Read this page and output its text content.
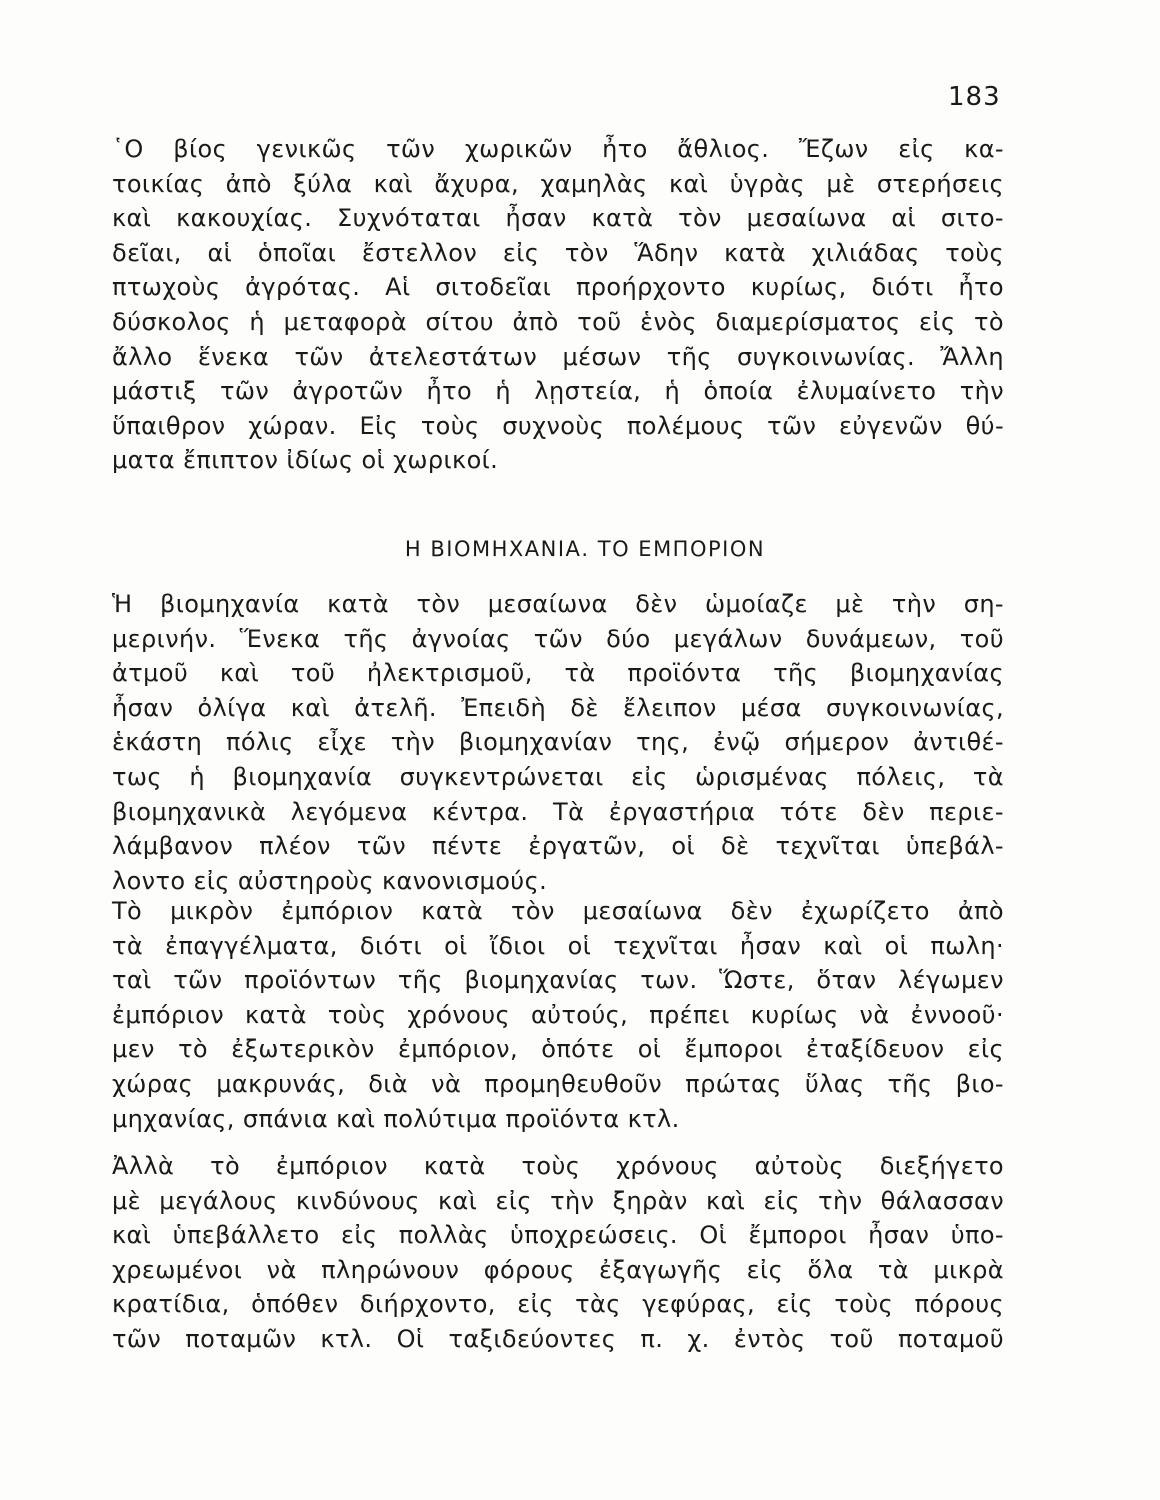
183
῾Ο βίος γενικῶς τῶν χωρικῶν ἦτο ἄθλιος. Ἔζων εἰς κα-
τοικίας ἀπὸ ξύλα καὶ ἄχυρα, χαμηλὰς καὶ ὑγρὰς μὲ στερήσεις
καὶ κακουχίας. Συχνόταται ἦσαν κατὰ τὸν μεσαίωνα αἱ σιτο-
δεῖαι, αἱ ὁποῖαι ἔστελλον εἰς τὸν Ἅδην κατὰ χιλιάδας τοὺς
πτωχοὺς ἀγρότας. Αἱ σιτοδεῖαι προήρχοντο κυρίως, διότι ἦτο
δύσκολος ἡ μεταφορὰ σίτου ἀπὸ τοῦ ἑνὸς διαμερίσματος εἰς τὸ
ἄλλο ἕνεκα τῶν ἀτελεστάτων μέσων τῆς συγκοινωνίας. Ἄλλη
μάστιξ τῶν ἀγροτῶν ἦτο ἡ λῃστεία, ἡ ὁποία ἐλυμαίνετο τὴν
ὕπαιθρον χώραν. Εἰς τοὺς συχνοὺς πολέμους τῶν εὐγενῶν θύ-
ματα ἔπιπτον ἰδίως οἱ χωρικοί.
Η ΒΙΟΜΗΧΑΝΙΑ. ΤΟ ΕΜΠΟΡΙΟΝ
Ἡ βιομηχανία κατὰ τὸν μεσαίωνα δὲν ὡμοίαζε μὲ τὴν ση-
μερινήν. Ἕνεκα τῆς ἀγνοίας τῶν δύο μεγάλων δυνάμεων, τοῦ
ἀτμοῦ καὶ τοῦ ἠλεκτρισμοῦ, τὰ προϊόντα τῆς βιομηχανίας
ἦσαν ὀλίγα καὶ ἀτελῆ. Ἐπειδὴ δὲ ἔλειπον μέσα συγκοινωνίας,
ἑκάστη πόλις εἶχε τὴν βιομηχανίαν της, ἐνῷ σήμερον ἀντιθέ-
τως ἡ βιομηχανία συγκεντρώνεται εἰς ὡρισμένας πόλεις, τὰ
βιομηχανικὰ λεγόμενα κέντρα. Τὰ ἐργαστήρια τότε δὲν περιε-
λάμβανον πλέον τῶν πέντε ἐργατῶν, οἱ δὲ τεχνῖται ὑπεβάλ-
λοντο εἰς αὐστηροὺς κανονισμούς.
Τὸ μικρὸν ἐμπόριον κατὰ τὸν μεσαίωνα δὲν ἐχωρίζετο ἀπὸ
τὰ ἐπαγγέλματα, διότι οἱ ἴδιοι οἱ τεχνῖται ἦσαν καὶ οἱ πωλη·
ταὶ τῶν προϊόντων τῆς βιομηχανίας των. Ὥστε, ὅταν λέγωμεν
ἐμπόριον κατὰ τοὺς χρόνους αὐτούς, πρέπει κυρίως νὰ ἐννοοῦ·
μεν τὸ ἐξωτερικὸν ἐμπόριον, ὁπότε οἱ ἔμποροι ἐταξίδευον εἰς
χώρας μακρυνάς, διὰ νὰ προμηθευθοῦν πρώτας ὕλας τῆς βιο-
μηχανίας, σπάνια καὶ πολύτιμα προϊόντα κτλ.
Ἀλλὰ τὸ ἐμπόριον κατὰ τοὺς χρόνους αὐτοὺς διεξήγετο
μὲ μεγάλους κινδύνους καὶ εἰς τὴν ξηρὰν καὶ εἰς τὴν θάλασσαν
καὶ ὑπεβάλλετο εἰς πολλὰς ὑποχρεώσεις. Οἱ ἔμποροι ἦσαν ὑπο-
χρεωμένοι νὰ πληρώνουν φόρους ἐξαγωγῆς εἰς ὅλα τὰ μικρὰ
κρατίδια, ὁπόθεν διήρχοντο, εἰς τὰς γεφύρας, εἰς τοὺς πόρους
τῶν ποταμῶν κτλ. Οἱ ταξιδεύοντες π. χ. ἐντὸς τοῦ ποταμοῦ
